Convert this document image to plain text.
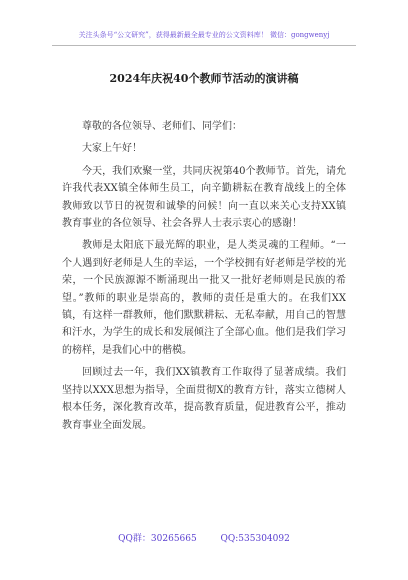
关注头条号“公文研究”，获得最新最全最专业的公文资料库！ 微信：gongwenyj
2024年庆祝40个教师节活动的演讲稿

尊敬的各位领导、老师们、同学们：

大家上午好！

今天，我们欢聚一堂，共同庆祝第40个教师节。首先，请允许我代表XX镇全体师生员工，向辛勤耕耘在教育战线上的全体教师致以节日的祝贺和诚挚的问候！向一直以来关心支持XX镇教育事业的各位领导、社会各界人士表示衷心的感谢！

教师是太阳底下最光辉的职业，是人类灵魂的工程师。“一个人遇到好老师是人生的幸运，一个学校拥有好老师是学校的光荣，一个民族源源不断涌现出一批又一批好老师则是民族的希望。”教师的职业是崇高的，教师的责任是重大的。在我们XX镇，有这样一群教师，他们默默耕耘、无私奉献，用自己的智慧和汗水，为学生的成长和发展倾注了全部心血。他们是我们学习的榜样，是我们心中的楷模。

回顾过去一年，我们XX镇教育工作取得了显著成绩。我们坚持以XXX思想为指导，全面贯彻X的教育方针，落实立德树人根本任务，深化教育改革，提高教育质量，促进教育公平，推动教育事业全面发展。

QQ群：30265665	QQ:535304092
